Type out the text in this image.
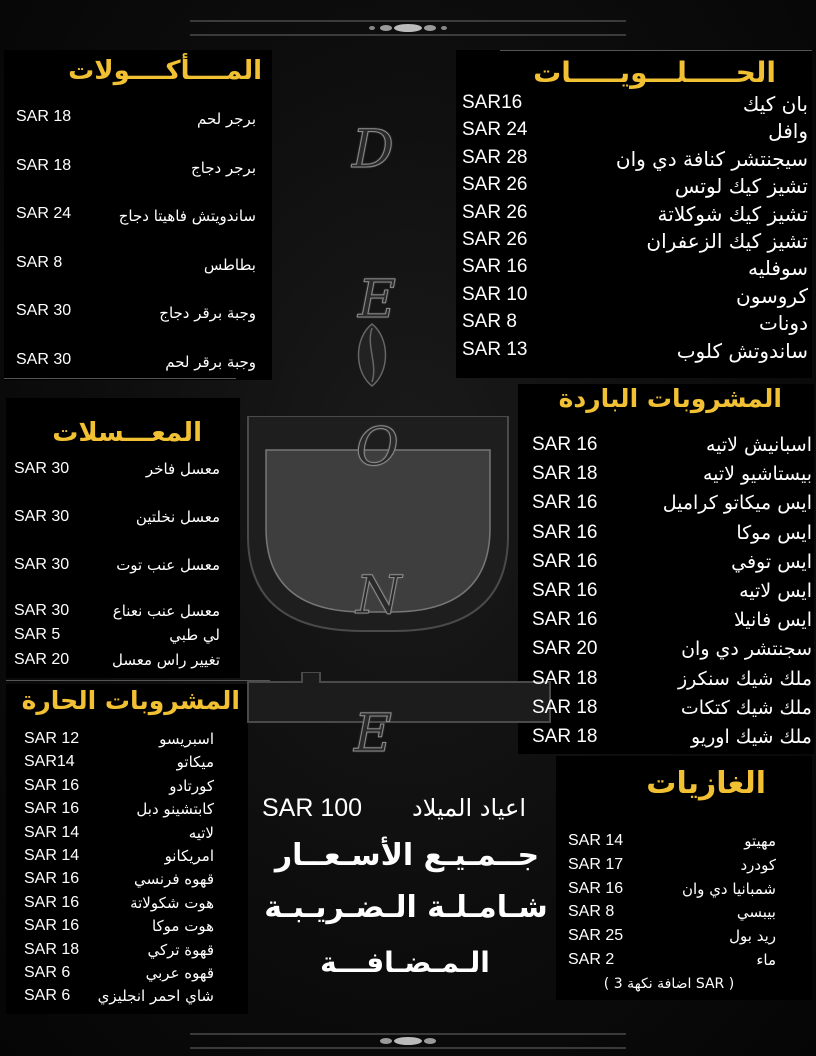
D
E
O
N
E
الحـــــلـــويـــــات
SAR16	بان كيك
SAR 24	وافل
SAR 28	سيجنتشر كنافة دي وان
SAR 26	تشيز كيك لوتس
SAR 26	تشيز كيك شوكلاتة
SAR 26	تشيز كيك الزعفران
SAR 16	سوفليه
SAR 10	كروسون
SAR 8	دونات
SAR 13	ساندوتش كلوب
المــــأكــــولات
SAR 18	برجر لحم
SAR 18	برجر دجاج
SAR 24	ساندويتش فاهيتا دجاج
SAR 8	بطاطس
SAR 30	وجبة برقر دجاج
SAR 30	وجبة برقر لحم
المشروبات الباردة
SAR 16	اسبانيش لاتيه
SAR 18	بيستاشيو لاتيه
SAR 16	ايس ميكاتو كراميل
SAR 16	ايس موكا
SAR 16	ايس توفي
SAR 16	ايس لاتيه
SAR 16	ايس فانيلا
SAR 20	سجنتشر دي وان
SAR 18	ملك شيك سنكرز
SAR 18	ملك شيك كتكات
SAR 18	ملك شيك اوريو
المعـــسلات
SAR 30	معسل فاخر
SAR 30	معسل نخلتين
SAR 30	معسل عنب توت
SAR 30	معسل عنب نعناع
SAR 5	لي طبي
SAR 20	تغيير راس معسل
المشروبات الحارة
SAR 12	اسبريسو
SAR14	ميكاتو
SAR 16	كورتادو
SAR 16	كابتشينو دبل
SAR 14	لاتيه
SAR 14	امريكانو
SAR 16	قهوه فرنسي
SAR 16	هوت شكولاتة
SAR 16	هوت موكا
SAR 18	قهوة تركي
SAR 6	قهوه عربي
SAR 6 شاي احمر انجليزي
الغازيات
SAR 14	مهيتو
SAR 17	كودرد
SAR 16	شمبانيا دي وان
SAR 8	بيبسي
SAR 25	ريد بول
SAR 2	ماء
( اضافة نكهة 3 SAR )
SAR 100 اعياد الميلاد
جــمـيـع الأسـعــار
شـامـلـة الـضـريـبـة
الـمـضـافـــة
